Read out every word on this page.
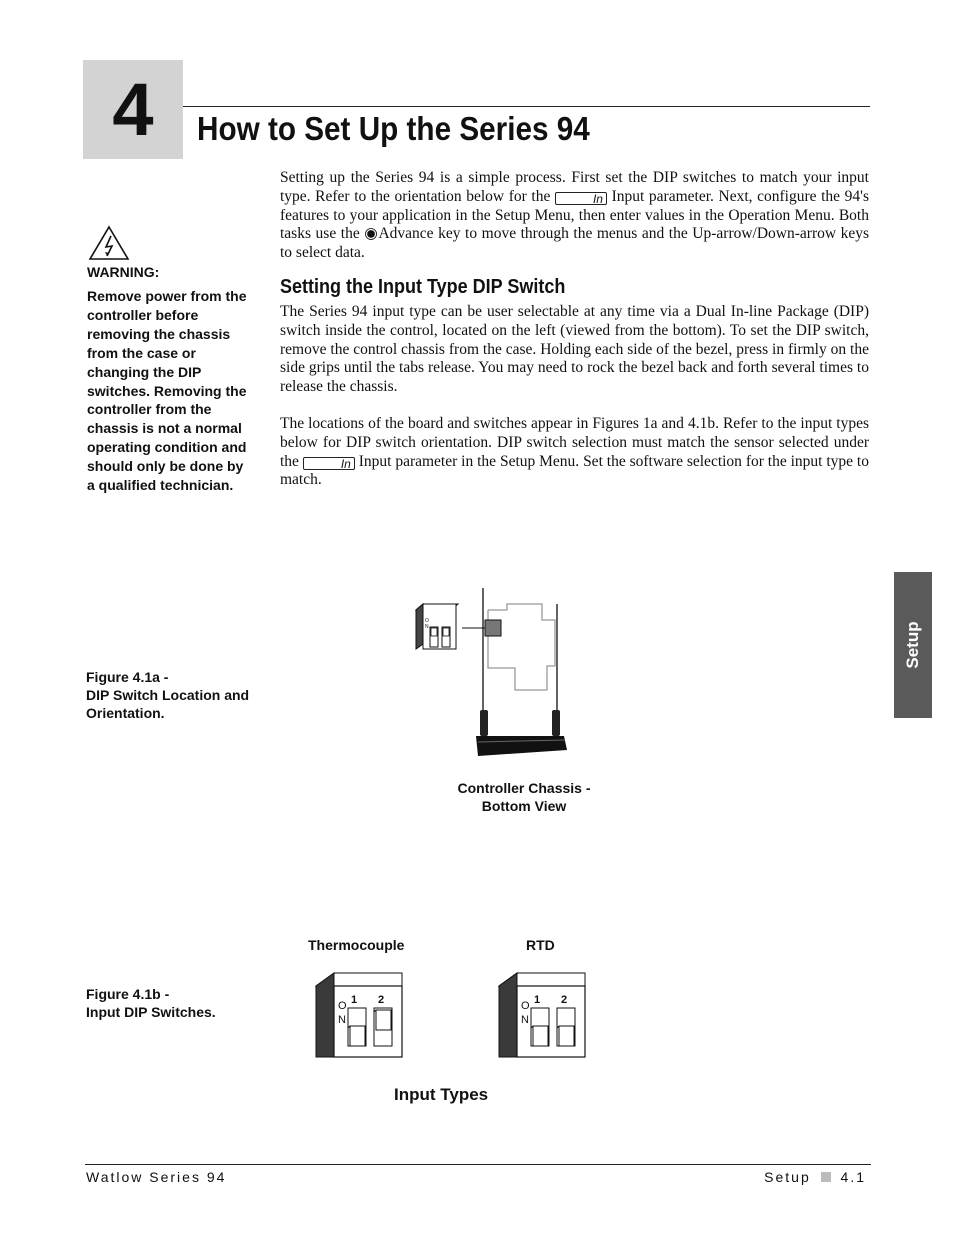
4	How to Set Up the Series 94
Setting up the Series 94 is a simple process. First set the DIP switches to match your input type. Refer to the orientation below for the	In Input parameter. Next, configure the 94's features to your application in the Setup Menu, then enter values in the Operation Menu. Both tasks use the ◉Advance key to move through the menus and the Up-arrow/Down-arrow keys to select data.
Setting the Input Type DIP Switch
The Series 94 input type can be user selectable at any time via a Dual In-line Package (DIP) switch inside the control, located on the left (viewed from the bottom). To set the DIP switch, remove the control chassis from the case. Holding each side of the bezel, press in firmly on the side grips until the tabs release. You may need to rock the bezel back and forth several times to release the chassis.
The locations of the board and switches appear in Figures 1a and 4.1b. Refer to the input types below for DIP switch orientation. DIP switch selection must match the sensor selected under the	In Input parameter in the Setup Menu. Set the software selection for the input type to match.
WARNING:
Remove power from the controller before removing the chassis from the case or changing the DIP switches. Removing the controller from the chassis is not a normal operating condition and should only be done by a qualified technician.
Setup
Figure 4.1a -
DIP Switch Location and
Orientation.
O
N
Controller Chassis -
Bottom View
Figure 4.1b -
Input DIP Switches.
Thermocouple	RTD
1 2
O
N
1 2
O
N
Input Types
Watlow Series 94	Setup 4.1
